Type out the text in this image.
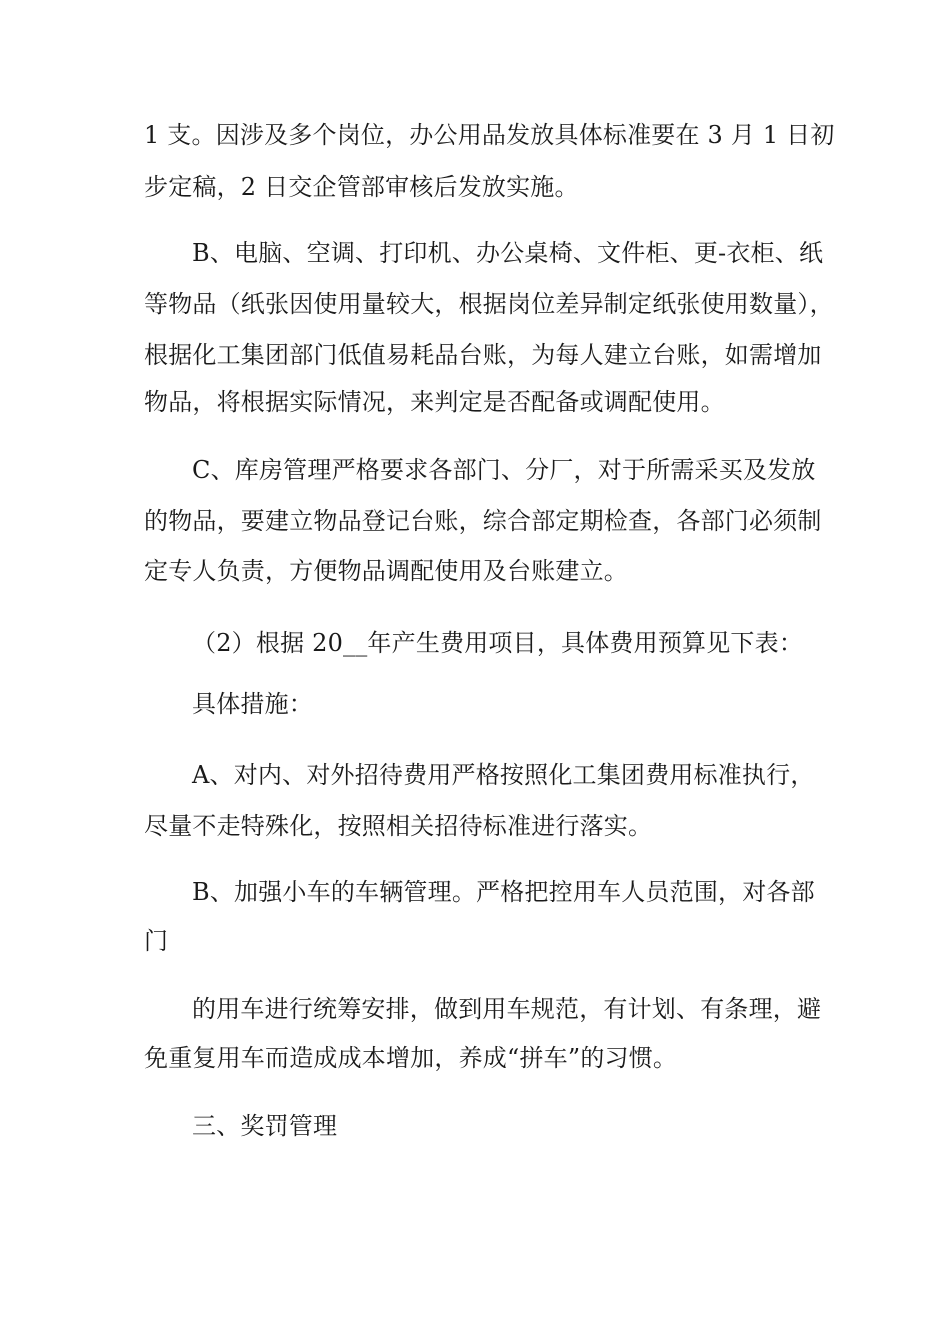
1 支。因涉及多个岗位，办公用品发放具体标准要在 3 月 1 日初
步定稿，2 日交企管部审核后发放实施。
B、电脑、空调、打印机、办公桌椅、文件柜、更-衣柜、纸
等物品（纸张因使用量较大，根据岗位差异制定纸张使用数量），
根据化工集团部门低值易耗品台账，为每人建立台账，如需增加
物品，将根据实际情况，来判定是否配备或调配使用。
C、库房管理严格要求各部门、分厂，对于所需采买及发放
的物品，要建立物品登记台账，综合部定期检查，各部门必须制
定专人负责，方便物品调配使用及台账建立。
（2）根据 20__年产生费用项目，具体费用预算见下表：
具体措施：
A、对内、对外招待费用严格按照化工集团费用标准执行，
尽量不走特殊化，按照相关招待标准进行落实。
B、加强小车的车辆管理。严格把控用车人员范围，对各部
门
的用车进行统筹安排，做到用车规范，有计划、有条理，避
免重复用车而造成成本增加，养成“拼车”的习惯。
三、奖罚管理
